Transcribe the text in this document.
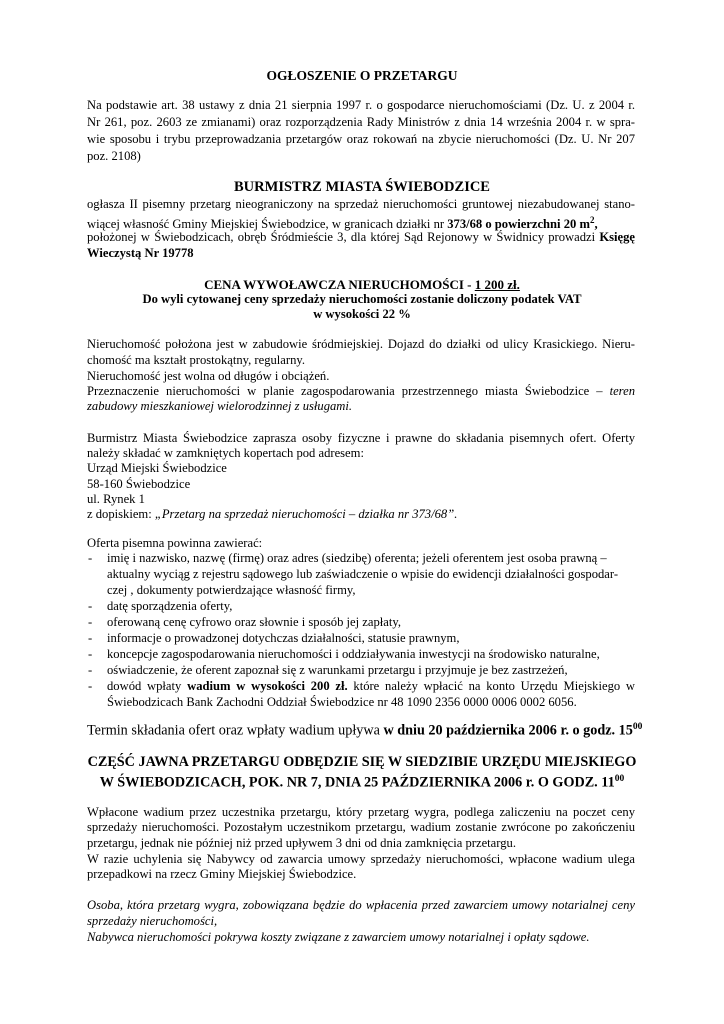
OGŁOSZENIE O PRZETARGU
Na podstawie art. 38 ustawy z dnia 21 sierpnia 1997 r. o gospodarce nieruchomościami (Dz. U. z 2004 r.
Nr 261, poz. 2603 ze zmianami) oraz rozporządzenia Rady Ministrów z dnia 14 września 2004 r. w spra-
wie sposobu i trybu przeprowadzania przetargów oraz rokowań na zbycie nieruchomości (Dz. U. Nr 207
poz. 2108)
BURMISTRZ MIASTA ŚWIEBODZICE
ogłasza II pisemny przetarg nieograniczony na sprzedaż nieruchomości gruntowej niezabudowanej stano-
wiącej własność Gminy Miejskiej Świebodzice, w granicach działki nr 373/68 o powierzchni 20 $m^2$,
położonej w Świebodzicach, obręb Śródmieście 3, dla której Sąd Rejonowy w Świdnicy prowadzi Księgę
Wieczystą Nr 19778
CENA WYWOŁAWCZA NIERUCHOMOŚCI - 1 200 zł.
Do wyli cytowanej ceny sprzedaży nieruchomości zostanie doliczony podatek VAT
w wysokości 22 %
Nieruchomość położona jest w zabudowie śródmiejskiej. Dojazd do działki od ulicy Krasickiego. Nieru-
chomość ma kształt prostokątny, regularny.
Nieruchomość jest wolna od długów i obciążeń.
Przeznaczenie nieruchomości w planie zagospodarowania przestrzennego miasta Świebodzice – teren
zabudowy mieszkaniowej wielorodzinnej z usługami.
Burmistrz Miasta Świebodzice zaprasza osoby fizyczne i prawne do składania pisemnych ofert. Oferty
należy składać w zamkniętych kopertach pod adresem:
Urząd Miejski Świebodzice
58-160 Świebodzice
ul. Rynek 1
z dopiskiem: „Przetarg na sprzedaż nieruchomości – działka nr 373/68”.
Oferta pisemna powinna zawierać:
- imię i nazwisko, nazwę (firmę) oraz adres (siedzibę) oferenta; jeżeli oferentem jest osoba prawną –
aktualny wyciąg z rejestru sądowego lub zaświadczenie o wpisie do ewidencji działalności gospodar-
czej , dokumenty potwierdzające własność firmy,
- datę sporządzenia oferty,
- oferowaną cenę cyfrowo oraz słownie i sposób jej zapłaty,
- informacje o prowadzonej dotychczas działalności, statusie prawnym,
- koncepcje zagospodarowania nieruchomości i oddziaływania inwestycji na środowisko naturalne,
- oświadczenie, że oferent zapoznał się z warunkami przetargu i przyjmuje je bez zastrzeżeń,
- dowód wpłaty wadium w wysokości 200 zł. które należy wpłacić na konto Urzędu Miejskiego w
Świebodzicach Bank Zachodni Oddział Świebodzice nr 48 1090 2356 0000 0006 0002 6056.
Termin składania ofert oraz wpłaty wadium upływa w dniu 20 października 2006 r. o godz. $15^{00}$
CZĘŚĆ JAWNA PRZETARGU ODBĘDZIE SIĘ W SIEDZIBIE URZĘDU MIEJSKIEGO
W ŚWIEBODZICACH, POK. NR 7, DNIA 25 PAŹDZIERNIKA 2006 r. O GODZ. $11^{00}$
Wpłacone wadium przez uczestnika przetargu, który przetarg wygra, podlega zaliczeniu na poczet ceny
sprzedaży nieruchomości. Pozostałym uczestnikom przetargu, wadium zostanie zwrócone po zakończeniu
przetargu, jednak nie później niż przed upływem 3 dni od dnia zamknięcia przetargu.
W razie uchylenia się Nabywcy od zawarcia umowy sprzedaży nieruchomości, wpłacone wadium ulega
przepadkowi na rzecz Gminy Miejskiej Świebodzice.
Osoba, która przetarg wygra, zobowiązana będzie do wpłacenia przed zawarciem umowy notarialnej ceny
sprzedaży nieruchomości,
Nabywca nieruchomości pokrywa koszty związane z zawarciem umowy notarialnej i opłaty sądowe.
